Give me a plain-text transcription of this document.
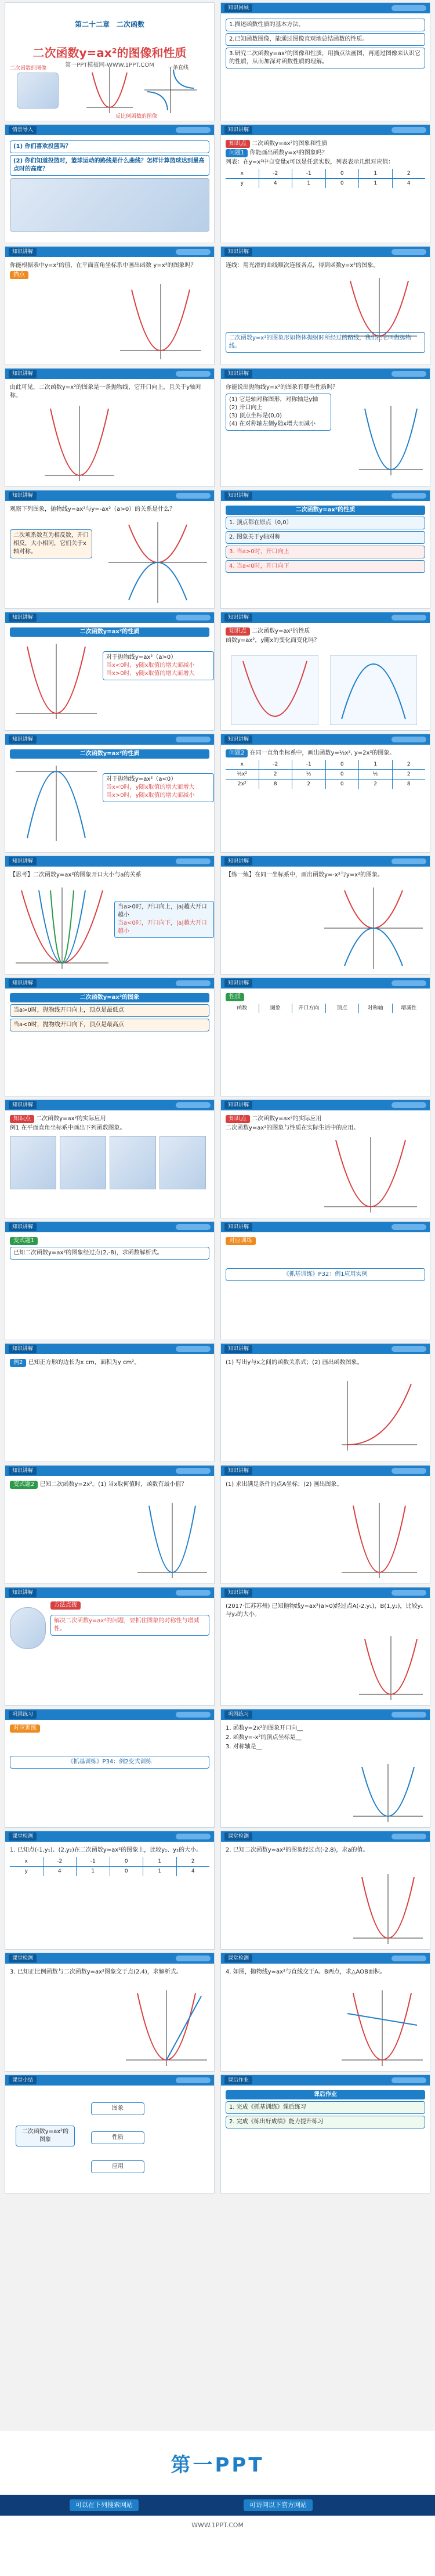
第二十二章　二次函数
二次函数y=ax²的图像和性质
第一PPT模板网-WWW.1PPT.COM
二次函数的图像	一条直线
反比例函数的图像
知识回顾
1.描述函数性质的基本方法。
2.已知函数图像，能通过图像直观地总结函数的性质。
3.研究二次函数y=ax²的图像和性质，用描点法画图，再通过图像来认识它的性质，从而加深对函数性质的理解。
情景导入
(1) 你们喜欢投篮吗？
(2) 你们知道投篮时，篮球运动的路线是什么曲线？怎样计算篮球达到最高点时的高度？
知识讲解
知识点 二次函数y=ax²的图象和性质
问题1 你能画出函数y=x²的图象吗？
列表：在y=x²中自变量x可以是任意实数，列表表示几组对应值：
x	-2	-1	0	1	2
y	4	1	0	1	4
知识讲解
你能根据表中y=x²的值，在平面直角坐标系中画出函数 y=x²的图象吗？
描点
知识讲解
连线：用光滑的曲线顺次连接各点，得到函数y=x²的图象。
二次函数y=x²的图象形如物体抛射时所经过的路线，我们把它叫做抛物线。
知识讲解
由此可见，二次函数y=x²的图象是一条抛物线，它开口向上，且关于y轴对称。
知识讲解
你能说出抛物线y=x²的图象有哪些性质吗？
(1) 它是轴对称图形，对称轴是y轴
(2) 开口向上
(3) 顶点坐标是(0,0)
(4) 在对称轴左侧y随x增大而减小
知识讲解
观察下列图象，抛物线y=ax²与y=-ax²（a>0）的关系是什么？
二次项系数互为相反数，开口相反，大小相同，它们关于x轴对称。
知识讲解
二次函数y=ax²的性质
1. 顶点都在原点（0,0）
2. 图象关于y轴对称
3. 当a>0时，开口向上
4. 当a<0时，开口向下
知识讲解
二次函数y=ax²的性质
对于抛物线y=ax²（a>0）
当x<0时，y随x取值的增大而减小
当x>0时，y随x取值的增大而增大
知识讲解
知识点 二次函数y=ax²的性质
函数y=ax²，y随x的变化而变化吗？
知识讲解
二次函数y=ax²的性质
对于抛物线y=ax²（a<0）
当x<0时，y随x取值的增大而增大
当x>0时，y随x取值的增大而减小
知识讲解
问题2 在同一直角坐标系中，画出函数y=½x², y=2x²的图象。
x	-2	-1	0	1	2
½x²	2	½	0	½	2
2x²	8	2	0	2	8
知识讲解
【思考】二次函数y=ax²的图象开口大小与a的关系
当a>0时，开口向上，|a|越大开口越小
当a<0时，开口向下，|a|越大开口越小
知识讲解
【练一练】在同一坐标系中，画出函数y=-x²与y=x²的图象。
知识讲解
二次函数y=ax²的图象
当a>0时，抛物线开口向上，顶点是最低点
当a<0时，抛物线开口向下，顶点是最高点
知识讲解
性质
函数	图象	开口方向	顶点	对称轴	增减性
知识讲解
知识点 二次函数y=ax²的实际应用
例1 在平面直角坐标系中画出下列函数图象。
知识讲解
知识点 二次函数y=ax²的实际应用
二次函数y=ax²的图象与性质在实际生活中的应用。
知识讲解
变式题1
已知二次函数y=ax²的图象经过点(2,-8)，求函数解析式。
知识讲解
对应训练
《抓基训练》P32：例1应用实例
知识讲解
例2 已知正方形的边长为x cm，面积为y cm²。
知识讲解
(1) 写出y与x之间的函数关系式；(2) 画出函数图象。
知识讲解
变式题2 已知二次函数y=2x²。(1) 当x取何值时，函数有最小值？
知识讲解
(1) 求出满足条件的点A坐标；(2) 画出图象。
知识讲解
方法点拨
解决二次函数y=ax²的问题，要抓住图象的对称性与增减性。
知识讲解
(2017·江苏苏州) 已知抛物线y=ax²(a>0)经过点A(-2,y₁)，B(1,y₂)，比较y₁与y₂的大小。
巩固练习
对应训练
《抓基训练》P34：例2变式训练
巩固练习
1. 函数y=2x²的图象开口向__
2. 函数y=-x²的顶点坐标是__
3. 对称轴是__
课堂检测
1. 已知点(-1,y₁)、(2,y₂)在二次函数y=ax²的图象上，比较y₁、y₂的大小。
x	-2	-1	0	1	2
y	4	1	0	1	4
课堂检测
2. 已知二次函数y=ax²的图象经过点(-2,8)，求a的值。
课堂检测
3. 已知正比例函数与二次函数y=ax²图象交于点(2,4)，求解析式。
课堂检测
4. 如图，抛物线y=ax²与直线交于A、B两点，求△AOB面积。
课堂小结
二次函数y=ax²的图象
图象
性质
应用
课后作业
课后作业
1. 完成《抓基训练》课后练习
2. 完成《练出好成绩》能力提升练习
第一PPT
可以在下列搜索网站	可访问以下官方网站
WWW.1PPT.COM
